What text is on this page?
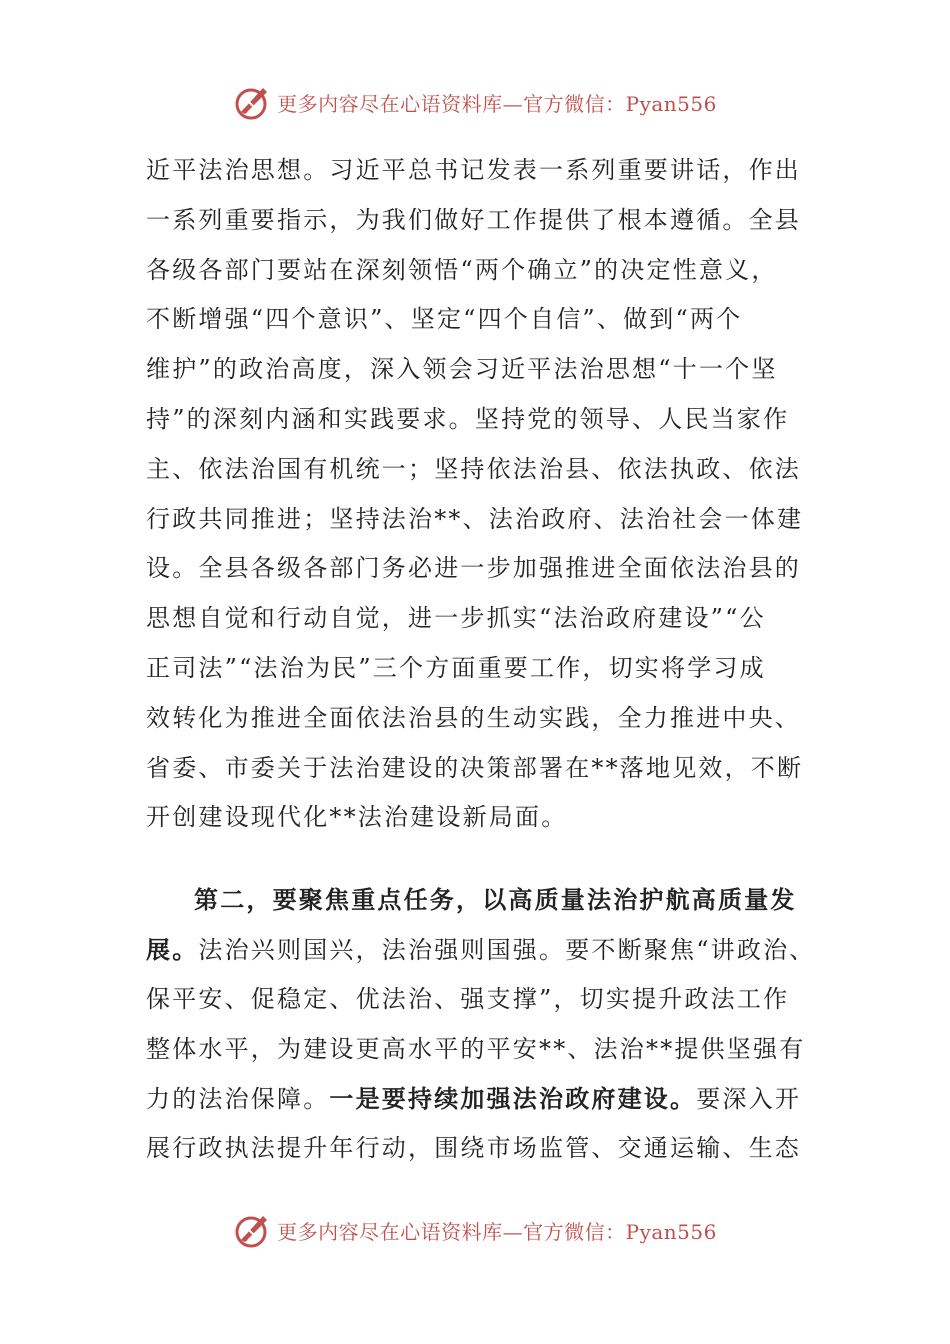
更多内容尽在心语资料库—官方微信：Pyan556
近平法治思想。习近平总书记发表一系列重要讲话，作出
一系列重要指示，为我们做好工作提供了根本遵循。全县
各级各部门要站在深刻领悟“两个确立”的决定性意义，
不断增强“四个意识”、坚定“四个自信”、做到“两个
维护”的政治高度，深入领会习近平法治思想“十一个坚
持”的深刻内涵和实践要求。坚持党的领导、人民当家作
主、依法治国有机统一；坚持依法治县、依法执政、依法
行政共同推进；坚持法治**、法治政府、法治社会一体建
设。全县各级各部门务必进一步加强推进全面依法治县的
思想自觉和行动自觉，进一步抓实“法治政府建设”“公
正司法”“法治为民”三个方面重要工作，切实将学习成
效转化为推进全面依法治县的生动实践，全力推进中央、
省委、市委关于法治建设的决策部署在**落地见效，不断
开创建设现代化**法治建设新局面。
第二，要聚焦重点任务，以高质量法治护航高质量发
展。法治兴则国兴，法治强则国强。要不断聚焦“讲政治、
保平安、促稳定、优法治、强支撑”，切实提升政法工作
整体水平，为建设更高水平的平安**、法治**提供坚强有
力的法治保障。一是要持续加强法治政府建设。要深入开
展行政执法提升年行动，围绕市场监管、交通运输、生态
更多内容尽在心语资料库—官方微信：Pyan556
